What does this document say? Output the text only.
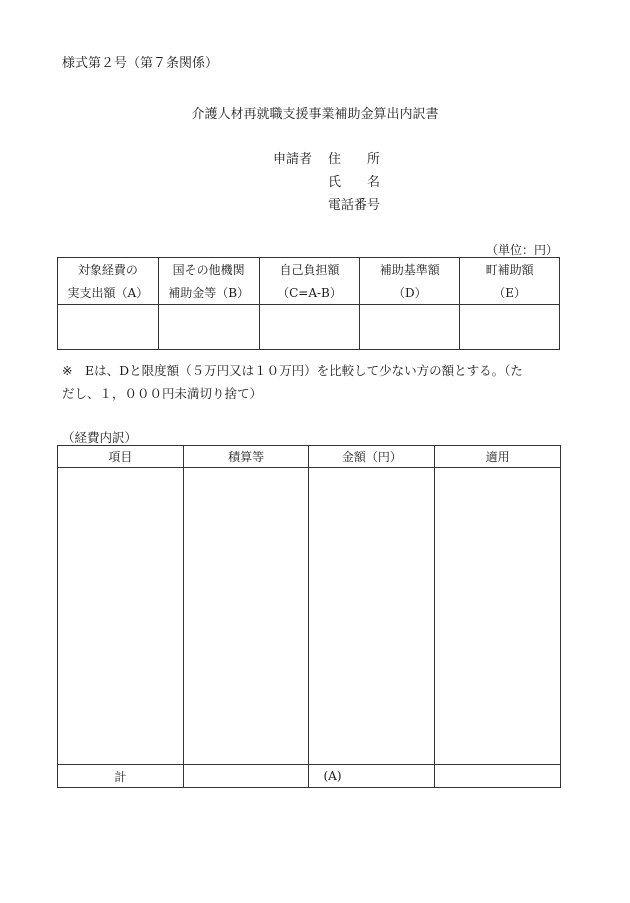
様式第２号（第７条関係）
介護人材再就職支援事業補助金算出内訳書
申請者 住　　所
氏　　名
電話番号
（単位：円）
対象経費の	国その他機関	自己負担額	補助基準額	町補助額
実支出額（A）	補助金等（B）	（C=A-B）	（D）	（E）

※　Eは、Dと限度額（５万円又は１０万円）を比較して少ない方の額とする。（た
だし、１，０００円未満切り捨て）
（経費内訳）
項目	積算等	金額（円）	適用

計		(A)	
